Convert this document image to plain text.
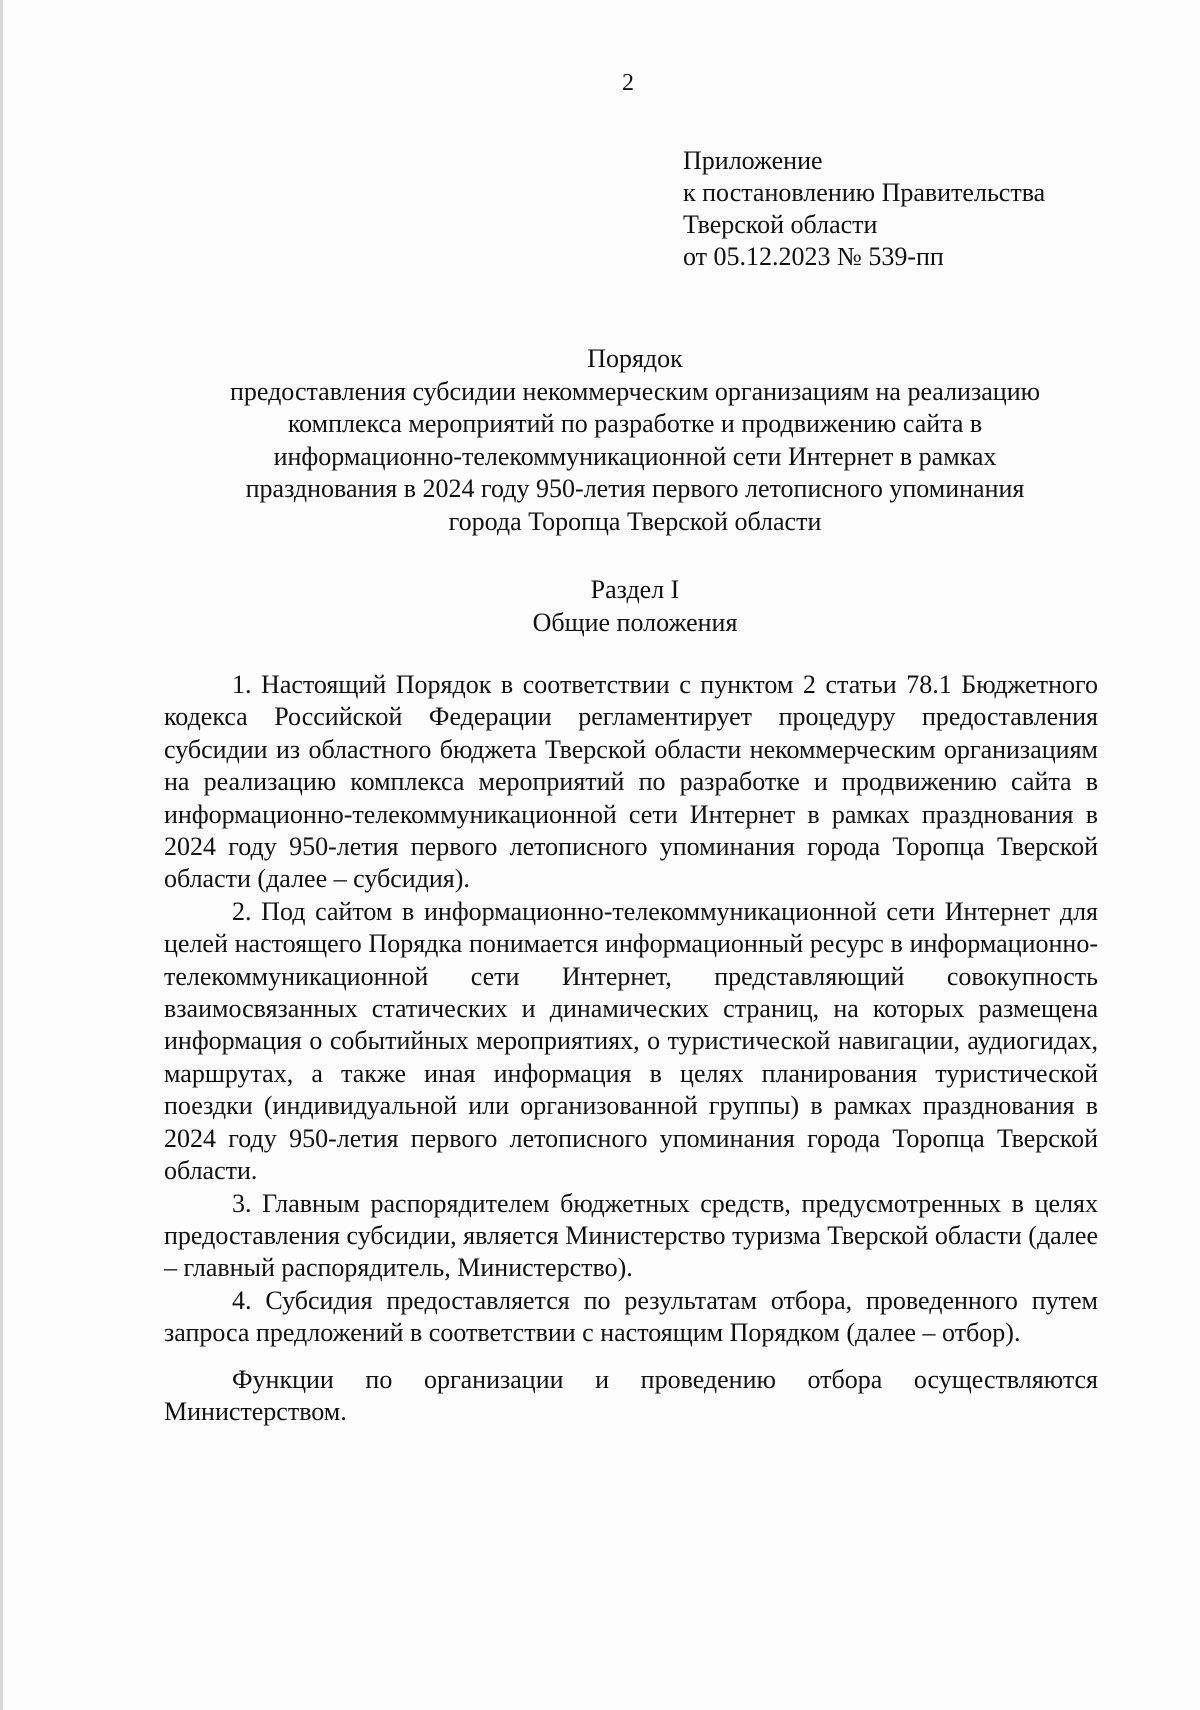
2
Приложение
к постановлению Правительства
Тверской области
от 05.12.2023 № 539-пп
Порядок
предоставления субсидии некоммерческим организациям на реализацию
комплекса мероприятий по разработке и продвижению сайта в
информационно-телекоммуникационной сети Интернет в рамках
празднования в 2024 году 950-летия первого летописного упоминания
города Торопца Тверской области
Раздел I
Общие положения

1. Настоящий Порядок в соответствии с пунктом 2 статьи 78.1 Бюджетного кодекса Российской Федерации регламентирует процедуру предоставления субсидии из областного бюджета Тверской области некоммерческим организациям на реализацию комплекса мероприятий по разработке и продвижению сайта в информационно-телекоммуникационной сети Интернет в рамках празднования в 2024 году 950-летия первого летописного упоминания города Торопца Тверской области (далее – субсидия).

2. Под сайтом в информационно-телекоммуникационной сети Интернет для целей настоящего Порядка понимается информационный ресурс в информационно-телекоммуникационной сети Интернет, представляющий совокупность взаимосвязанных статических и динамических страниц, на которых размещена информация о событийных мероприятиях, о туристической навигации, аудиогидах, маршрутах, а также иная информация в целях планирования туристической поездки (индивидуальной или организованной группы) в рамках празднования в 2024 году 950-летия первого летописного упоминания города Торопца Тверской области.

3. Главным распорядителем бюджетных средств, предусмотренных в целях предоставления субсидии, является Министерство туризма Тверской области (далее – главный распорядитель, Министерство).

4. Субсидия предоставляется по результатам отбора, проведенного путем запроса предложений в соответствии с настоящим Порядком (далее – отбор).

Функции по организации и проведению отбора осуществляются Министерством.
